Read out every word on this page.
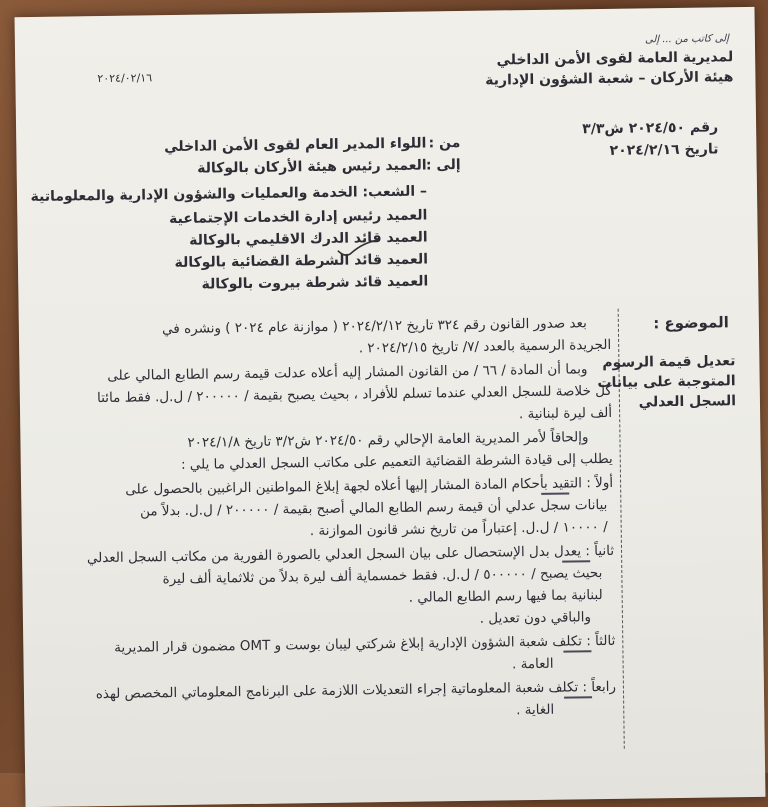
إلى كاتب من ... إلى
لمديرية العامة لقوى الأمن الداخلي
هيئة الأركان – شعبة الشؤون الإدارية
٢٠٢٤/٠٢/١٦
رقم ٢٠٢٤/٥٠ ش٣/٣
تاريخ ٢٠٢٤/٢/١٦
من :
اللواء المدير العام لقوى الأمن الداخلي
إلى :
العميد رئيس هيئة الأركان بالوكالة
– الشعب: الخدمة والعمليات والشؤون الإدارية والمعلوماتية
العميد رئيس إدارة الخدمات الإجتماعية
العميد قائد الدرك الاقليمي بالوكالة
العميد قائد الشرطة القضائية بالوكالة
العميد قائد شرطة بيروت بالوكالة
الموضوع :
تعديل قيمة الرسوم
المتوجبة على بيانات
السجل العدلي
بعد صدور القانون رقم ٣٢٤ تاريخ ٢٠٢٤/٢/١٢ ( موازنة عام ٢٠٢٤ ) ونشره في
الجريدة الرسمية بالعدد /٧/ تاريخ ٢٠٢٤/٢/١٥ .
وبما أن المادة / ٦٦ / من القانون المشار إليه أعلاه عدلت قيمة رسم الطابع المالي على
كل خلاصة للسجل العدلي عندما تسلم للأفراد ، بحيث يصبح بقيمة / ٢٠٠٠٠٠ / ل.ل. فقط مائتا
ألف ليرة لبنانية .
وإلحاقاً لأمر المديرية العامة الإحالي رقم ٢٠٢٤/٥٠ ش٣/٢ تاريخ ٢٠٢٤/١/٨
يطلب إلى قيادة الشرطة القضائية التعميم على مكاتب السجل العدلي ما يلي :
أولاً : التقيد بأحكام المادة المشار إليها أعلاه لجهة إبلاغ المواطنين الراغبين بالحصول على
بيانات سجل عدلي أن قيمة رسم الطابع المالي أصبح بقيمة / ٢٠٠٠٠٠ / ل.ل. بدلاً من
/ ١٠٠٠٠ / ل.ل. إعتباراً من تاريخ نشر قانون الموازنة .
ثانياً : يعدل بدل الإستحصال على بيان السجل العدلي بالصورة الفورية من مكاتب السجل العدلي
بحيث يصبح / ٥٠٠٠٠٠ / ل.ل. فقط خمسماية ألف ليرة بدلاً من ثلاثماية ألف ليرة
لبنانية بما فيها رسم الطابع المالي .
والباقي دون تعديل .
ثالثاً : تكلف شعبة الشؤون الإدارية إبلاغ شركتي ليبان بوست و OMT مضمون قرار المديرية
العامة .
رابعاً : تكلف شعبة المعلوماتية إجراء التعديلات اللازمة على البرنامج المعلوماتي المخصص لهذه
الغاية .
